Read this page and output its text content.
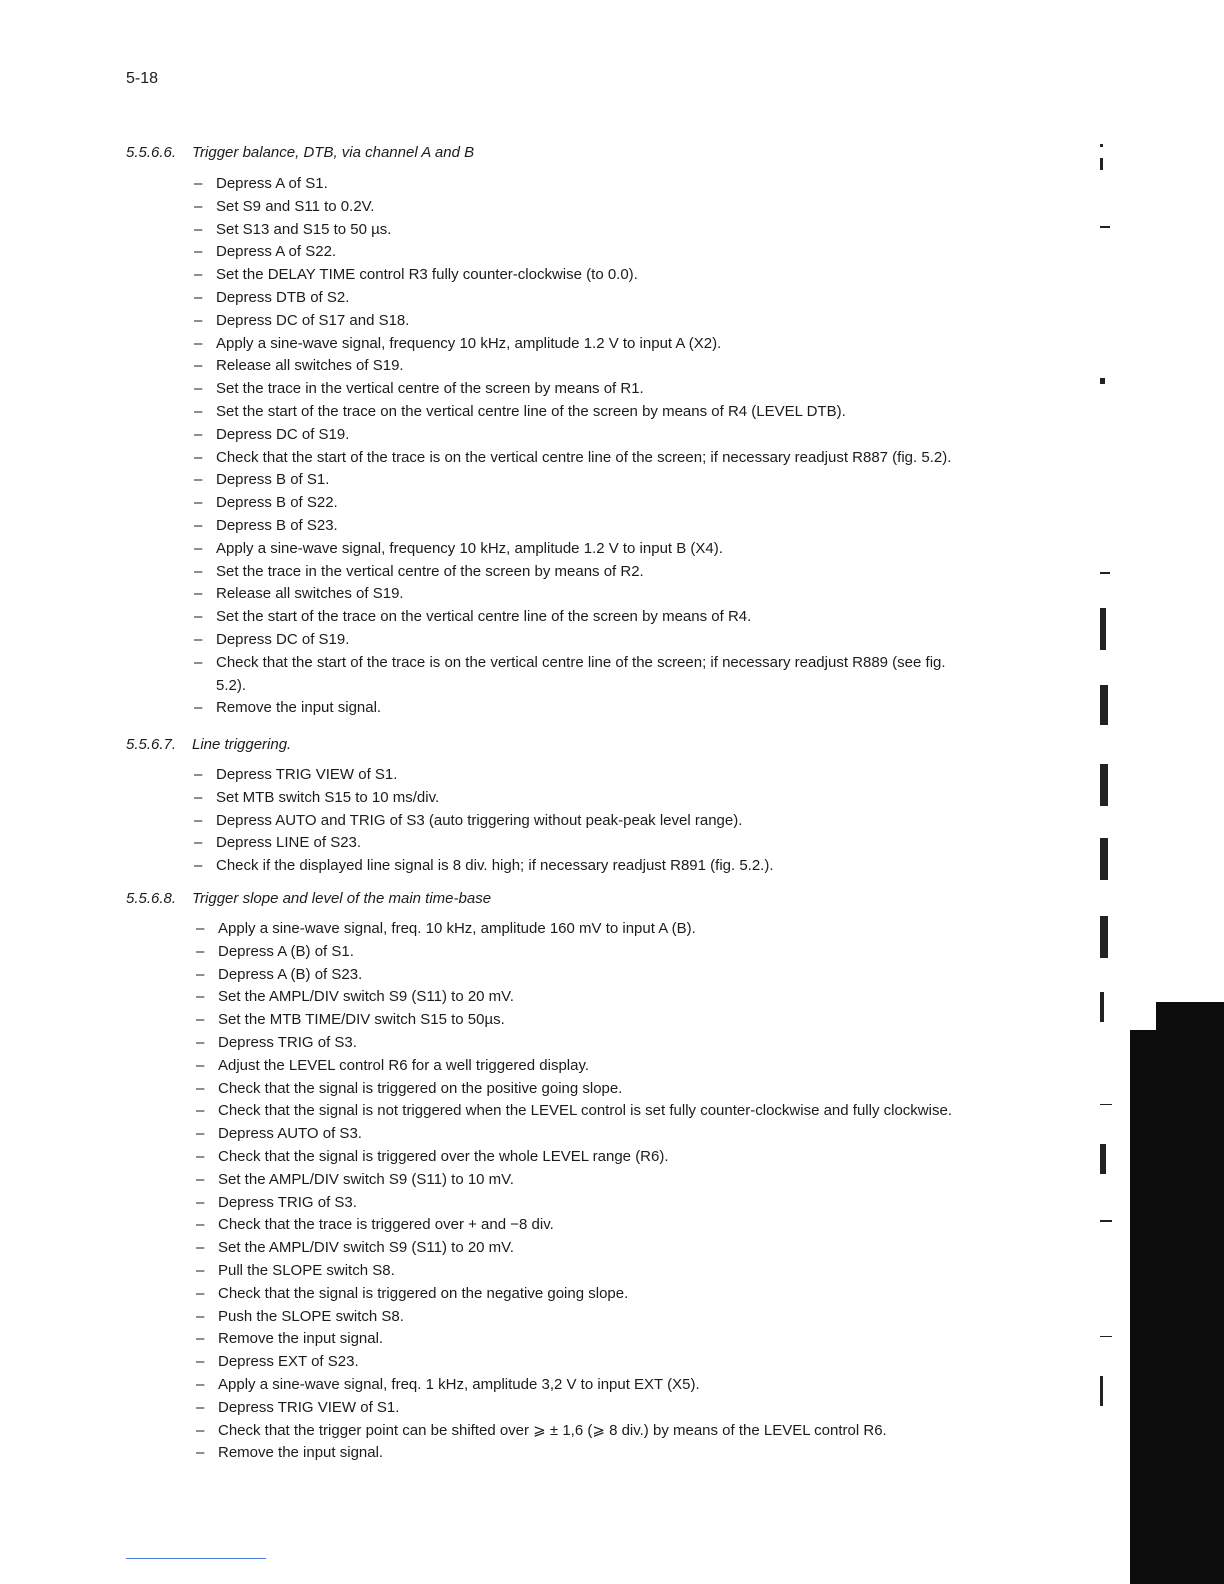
5-18
5.5.6.6. Trigger balance, DTB, via channel A and B
– Depress A of S1.
– Set S9 and S11 to 0.2V.
– Set S13 and S15 to 50 µs.
– Depress A of S22.
– Set the DELAY TIME control R3 fully counter-clockwise (to 0.0).
– Depress DTB of S2.
– Depress DC of S17 and S18.
– Apply a sine-wave signal, frequency 10 kHz, amplitude 1.2 V to input A (X2).
– Release all switches of S19.
– Set the trace in the vertical centre of the screen by means of R1.
– Set the start of the trace on the vertical centre line of the screen by means of R4 (LEVEL DTB).
– Depress DC of S19.
– Check that the start of the trace is on the vertical centre line of the screen; if necessary readjust R887 (fig. 5.2).
– Depress B of S1.
– Depress B of S22.
– Depress B of S23.
– Apply a sine-wave signal, frequency 10 kHz, amplitude 1.2 V to input B (X4).
– Set the trace in the vertical centre of the screen by means of R2.
– Release all switches of S19.
– Set the start of the trace on the vertical centre line of the screen by means of R4.
– Depress DC of S19.
– Check that the start of the trace is on the vertical centre line of the screen; if necessary readjust R889 (see fig. 5.2).
– Remove the input signal.
5.5.6.7. Line triggering.
– Depress TRIG VIEW of S1.
– Set MTB switch S15 to 10 ms/div.
– Depress AUTO and TRIG of S3 (auto triggering without peak-peak level range).
– Depress LINE of S23.
– Check if the displayed line signal is 8 div. high; if necessary readjust R891 (fig. 5.2.).
5.5.6.8. Trigger slope and level of the main time-base
– Apply a sine-wave signal, freq. 10 kHz, amplitude 160 mV to input A (B).
– Depress A (B) of S1.
– Depress A (B) of S23.
– Set the AMPL/DIV switch S9 (S11) to 20 mV.
– Set the MTB TIME/DIV switch S15 to 50µs.
– Depress TRIG of S3.
– Adjust the LEVEL control R6 for a well triggered display.
– Check that the signal is triggered on the positive going slope.
– Check that the signal is not triggered when the LEVEL control is set fully counter-clockwise and fully clockwise.
– Depress AUTO of S3.
– Check that the signal is triggered over the whole LEVEL range (R6).
– Set the AMPL/DIV switch S9 (S11) to 10 mV.
– Depress TRIG of S3.
– Check that the trace is triggered over + and −8 div.
– Set the AMPL/DIV switch S9 (S11) to 20 mV.
– Pull the SLOPE switch S8.
– Check that the signal is triggered on the negative going slope.
– Push the SLOPE switch S8.
– Remove the input signal.
– Depress EXT of S23.
– Apply a sine-wave signal, freq. 1 kHz, amplitude 3,2 V to input EXT (X5).
– Depress TRIG VIEW of S1.
– Check that the trigger point can be shifted over ⩾ ± 1,6 (⩾ 8 div.) by means of the LEVEL control R6.
– Remove the input signal.
